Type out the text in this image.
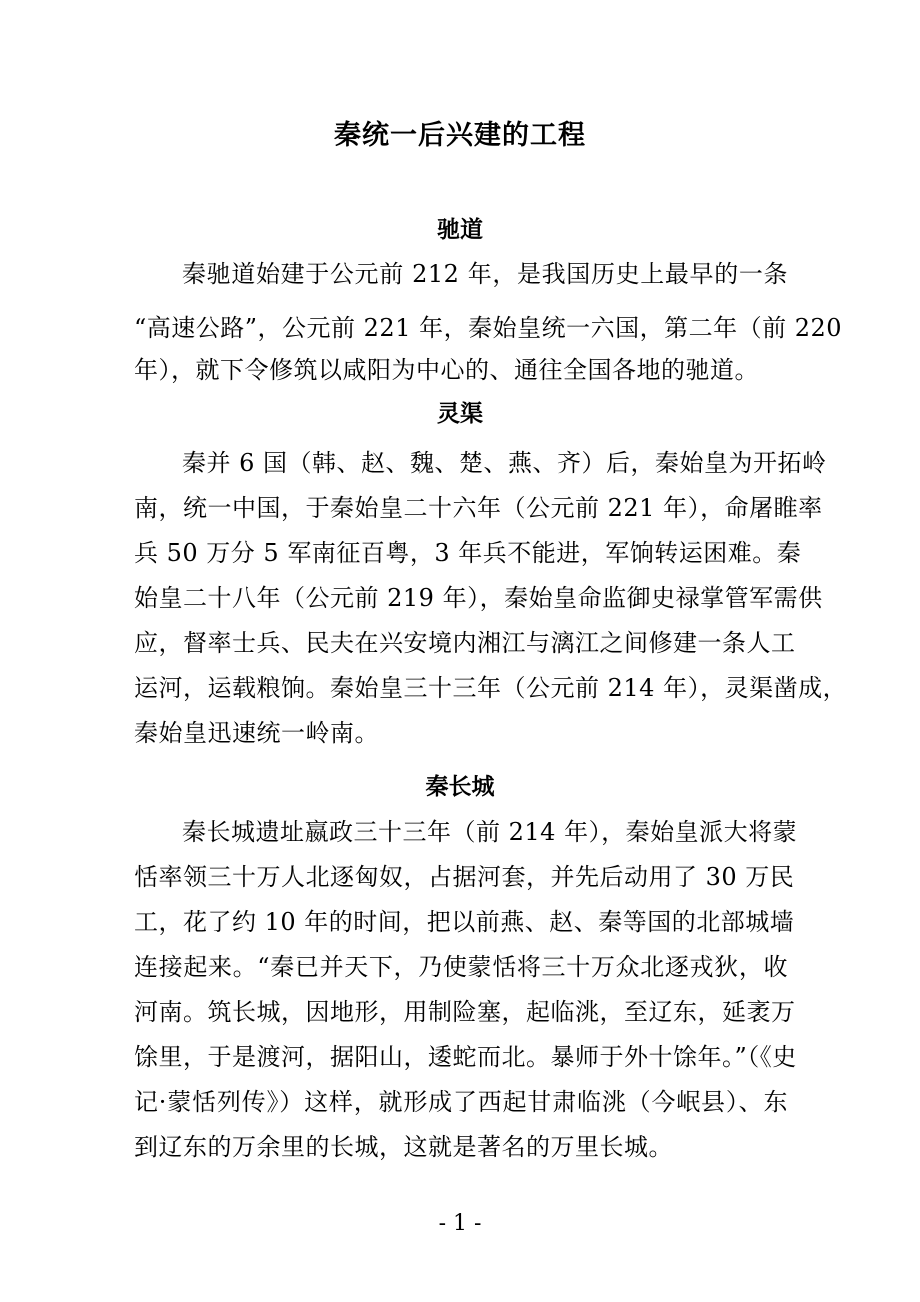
秦统一后兴建的工程
驰道
秦驰道始建于公元前 212 年，是我国历史上最早的一条
“高速公路”，公元前 221 年，秦始皇统一六国，第二年（前 220
年），就下令修筑以咸阳为中心的、通往全国各地的驰道。
灵渠
秦并 6 国（韩、赵、魏、楚、燕、齐）后，秦始皇为开拓岭
南，统一中国，于秦始皇二十六年（公元前 221 年），命屠睢率
兵 50 万分 5 军南征百粤，3 年兵不能进，军饷转运困难。秦
始皇二十八年（公元前 219 年），秦始皇命监御史禄掌管军需供
应，督率士兵、民夫在兴安境内湘江与漓江之间修建一条人工
运河，运载粮饷。秦始皇三十三年（公元前 214 年），灵渠凿成，
秦始皇迅速统一岭南。
秦长城
秦长城遗址嬴政三十三年（前 214 年），秦始皇派大将蒙
恬率领三十万人北逐匈奴，占据河套，并先后动用了 30 万民
工，花了约 10 年的时间，把以前燕、赵、秦等国的北部城墙
连接起来。“秦已并天下，乃使蒙恬将三十万众北逐戎狄，收
河南。筑长城，因地形，用制险塞，起临洮，至辽东，延袤万
馀里，于是渡河，据阳山，逶蛇而北。暴师于外十馀年。”（《史
记·蒙恬列传》）这样，就形成了西起甘肃临洮（今岷县）、东
到辽东的万余里的长城，这就是著名的万里长城。
- 1 -
